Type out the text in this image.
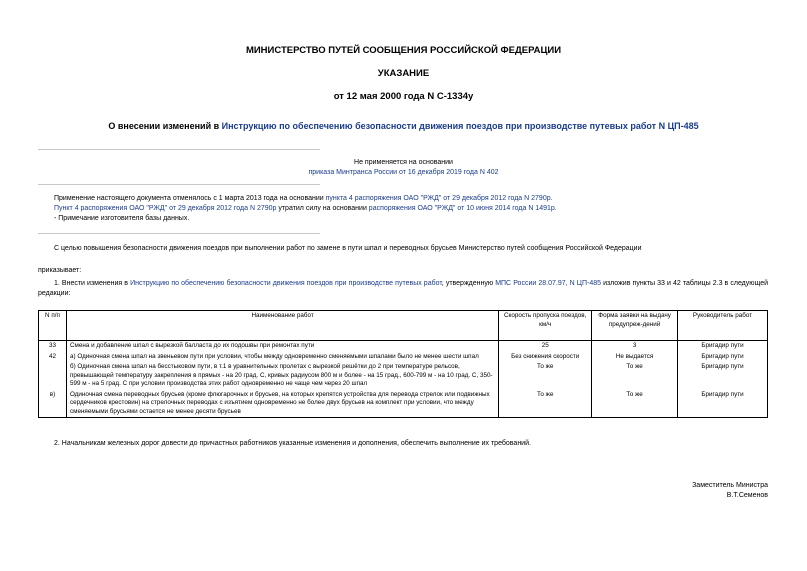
МИНИСТЕРСТВО ПУТЕЙ СООБЩЕНИЯ РОССИЙСКОЙ ФЕДЕРАЦИИ
УКАЗАНИЕ
от 12 мая 2000 года N С-1334у
О внесении изменений в Инструкцию по обеспечению безопасности движения поездов при производстве путевых работ N ЦП-485
Не применяется на основании
приказа Минтранса России от 16 декабря 2019 года N 402
Применение настоящего документа отменялось с 1 марта 2013 года на основании пункта 4 распоряжения ОАО "РЖД" от 29 декабря 2012 года N 2790р.
Пункт 4 распоряжения ОАО "РЖД" от 29 декабря 2012 года N 2790р утратил силу на основании распоряжения ОАО "РЖД" от 10 июня 2014 года N 1491р.
- Примечание изготовителя базы данных.
С целью повышения безопасности движения поездов при выполнении работ по замене в пути шпал и переводных брусьев Министерство путей сообщения Российской Федерации
приказывает:
1. Внести изменения в Инструкцию по обеспечению безопасности движения поездов при производстве путевых работ, утвержденную МПС России 28.07.97, N ЦП-485 изложив пункты 33 и 42 таблицы 2.3 в следующей редакции:
N п/п	Наименование работ	Скорость пропуска поездов, км/ч	Форма заявки на выдачу предупреж-дений	Руководитель работ
33	Смена и добавление шпал с вырезкой балласта до их подошвы при ремонтах пути	25	3	Бригадир пути
42	а) Одиночная смена шпал на звеньевом пути при условии, чтобы между одновременно сменяемыми шпалами было не менее шести шпал	Без снижения скорости	Не выдается	Бригадир пути
	б) Одиночная смена шпал на бесстыковом пути, в т.1 в уравнительных пролетах с вырезкой решётки до 2 при температуре рельсов, превышающей температуру закрепления в прямых - на 20 град. С, кривых радиусом 800 м и более - на 15 град., 600-799 м - на 10 град. С, 350-599 м - на 5 град. С при условии производства этих работ одновременно не чаще чем через 20 шпал	То же	То же	Бригадир пути
в)	Одиночная смена переводных брусьев (кроме флюгарочных и брусьев, на которых крепятся устройства для перевода стрелок или подвижных сердечников крестовин) на стрелочных переводах с изъятием одновременно не более двух брусьев на комплект при условии, что между сменяемыми брусьями остается не менее десяти брусьев	То же	То же	Бригадир пути
2. Начальникам железных дорог довести до причастных работников указанные изменения и дополнения, обеспечить выполнение их требований.
Заместитель Министра
В.Т.Семенов
